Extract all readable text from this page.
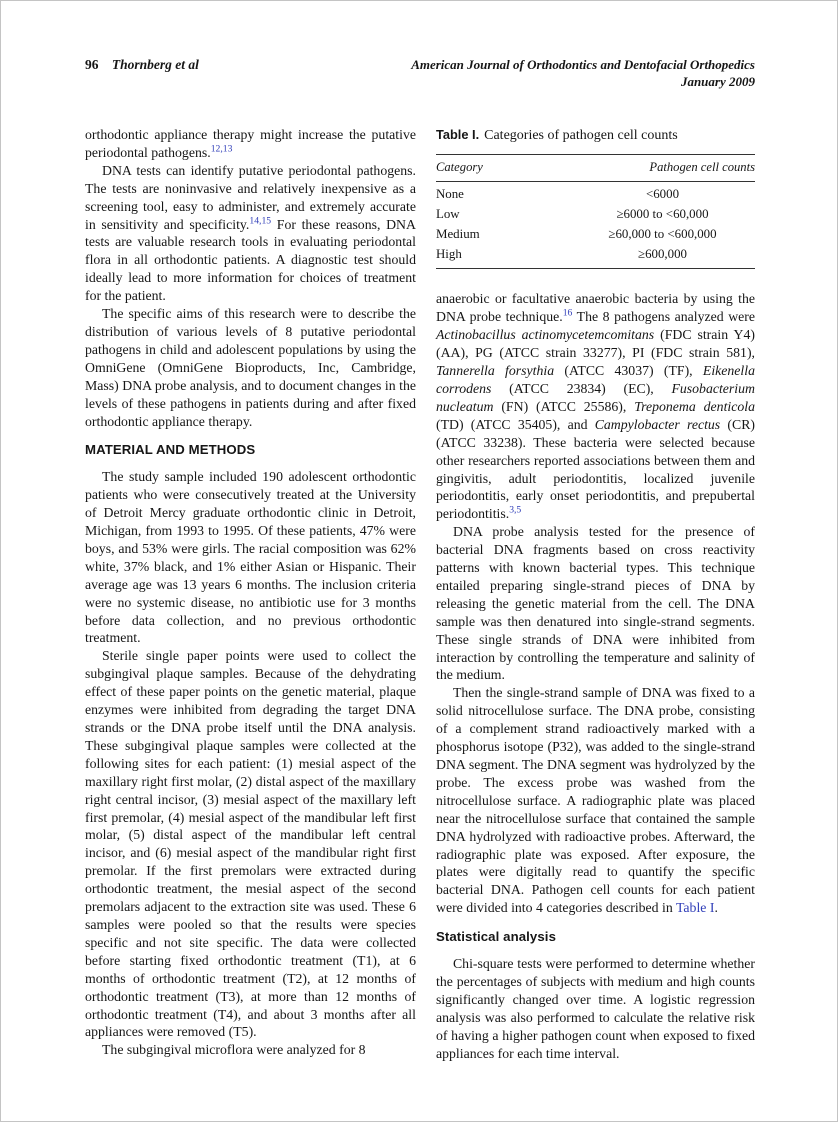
96 Thornberg et al	American Journal of Orthodontics and Dentofacial Orthopedics
January 2009

orthodontic appliance therapy might increase the putative periodontal pathogens.$^{12,13}$

DNA tests can identify putative periodontal pathogens. The tests are noninvasive and relatively inexpensive as a screening tool, easy to administer, and extremely accurate in sensitivity and specificity.$^{14,15}$ For these reasons, DNA tests are valuable research tools in evaluating periodontal flora in all orthodontic patients. A diagnostic test should ideally lead to more information for choices of treatment for the patient.

The specific aims of this research were to describe the distribution of various levels of 8 putative periodontal pathogens in child and adolescent populations by using the OmniGene (OmniGene Bioproducts, Inc, Cambridge, Mass) DNA probe analysis, and to document changes in the levels of these pathogens in patients during and after fixed orthodontic appliance therapy.

MATERIAL AND METHODS

The study sample included 190 adolescent orthodontic patients who were consecutively treated at the University of Detroit Mercy graduate orthodontic clinic in Detroit, Michigan, from 1993 to 1995. Of these patients, 47% were boys, and 53% were girls. The racial composition was 62% white, 37% black, and 1% either Asian or Hispanic. Their average age was 13 years 6 months. The inclusion criteria were no systemic disease, no antibiotic use for 3 months before data collection, and no previous orthodontic treatment.

Sterile single paper points were used to collect the subgingival plaque samples. Because of the dehydrating effect of these paper points on the genetic material, plaque enzymes were inhibited from degrading the target DNA strands or the DNA probe itself until the DNA analysis. These subgingival plaque samples were collected at the following sites for each patient: (1) mesial aspect of the maxillary right first molar, (2) distal aspect of the maxillary right central incisor, (3) mesial aspect of the maxillary left first premolar, (4) mesial aspect of the mandibular left first molar, (5) distal aspect of the mandibular left central incisor, and (6) mesial aspect of the mandibular right first premolar. If the first premolars were extracted during orthodontic treatment, the mesial aspect of the second premolars adjacent to the extraction site was used. These 6 samples were pooled so that the results were species specific and not site specific. The data were collected before starting fixed orthodontic treatment (T1), at 6 months of orthodontic treatment (T2), at 12 months of orthodontic treatment (T3), at more than 12 months of orthodontic treatment (T4), and about 3 months after all appliances were removed (T5).

The subgingival microflora were analyzed for 8

Table I. Categories of pathogen cell counts
Category	Pathogen cell counts
None	<6000
Low	≥6000 to <60,000
Medium	≥60,000 to <600,000
High	≥600,000

anaerobic or facultative anaerobic bacteria by using the DNA probe technique.$^{16}$ The 8 pathogens analyzed were Actinobacillus actinomycetemcomitans (FDC strain Y4) (AA), PG (ATCC strain 33277), PI (FDC strain 581), Tannerella forsythia (ATCC 43037) (TF), Eikenella corrodens (ATCC 23834) (EC), Fusobacterium nucleatum (FN) (ATCC 25586), Treponema denticola (TD) (ATCC 35405), and Campylobacter rectus (CR) (ATCC 33238). These bacteria were selected because other researchers reported associations between them and gingivitis, adult periodontitis, localized juvenile periodontitis, early onset periodontitis, and prepubertal periodontitis.$^{3,5}$

DNA probe analysis tested for the presence of bacterial DNA fragments based on cross reactivity patterns with known bacterial types. This technique entailed preparing single-strand pieces of DNA by releasing the genetic material from the cell. The DNA sample was then denatured into single-strand segments. These single strands of DNA were inhibited from interaction by controlling the temperature and salinity of the medium.

Then the single-strand sample of DNA was fixed to a solid nitrocellulose surface. The DNA probe, consisting of a complement strand radioactively marked with a phosphorus isotope (P32), was added to the single-strand DNA segment. The DNA segment was hydrolyzed by the probe. The excess probe was washed from the nitrocellulose surface. A radiographic plate was placed near the nitrocellulose surface that contained the sample DNA hydrolyzed with radioactive probes. Afterward, the radiographic plate was exposed. After exposure, the plates were digitally read to quantify the specific bacterial DNA. Pathogen cell counts for each patient were divided into 4 categories described in Table I.

Statistical analysis

Chi-square tests were performed to determine whether the percentages of subjects with medium and high counts significantly changed over time. A logistic regression analysis was also performed to calculate the relative risk of having a higher pathogen count when exposed to fixed appliances for each time interval.
